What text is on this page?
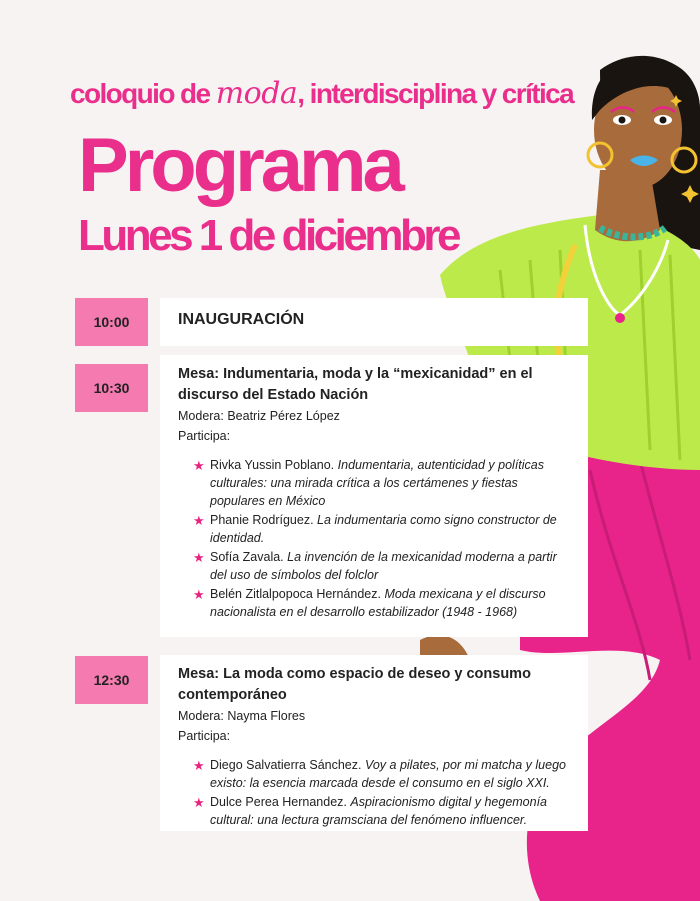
coloquio de moda, interdisciplina y crítica
Programa
Lunes 1 de diciembre
10:00	INAUGURACIÓN
10:30
Mesa: Indumentaria, moda y la “mexicanidad” en el discurso del Estado Nación
Modera: Beatriz Pérez López
Participa:
★ Rivka Yussin Poblano. Indumentaria, autenticidad y políticas culturales: una mirada crítica a los certámenes y fiestas populares en México
★ Phanie Rodríguez. La indumentaria como signo constructor de identidad.
★ Sofía Zavala. La invención de la mexicanidad moderna a partir del uso de símbolos del folclor
★ Belén Zitlalpopoca Hernández. Moda mexicana y el discurso nacionalista en el desarrollo estabilizador (1948 - 1968)
12:30	Mesa: La moda como espacio de deseo y consumo contemporáneo
Modera: Nayma Flores
Participa:
★ Diego Salvatierra Sánchez. Voy a pilates, por mi matcha y luego existo: la esencia marcada desde el consumo en el siglo XXI.
★ Dulce Perea Hernandez. Aspiracionismo digital y hegemonía cultural: una lectura gramsciana del fenómeno influencer.
